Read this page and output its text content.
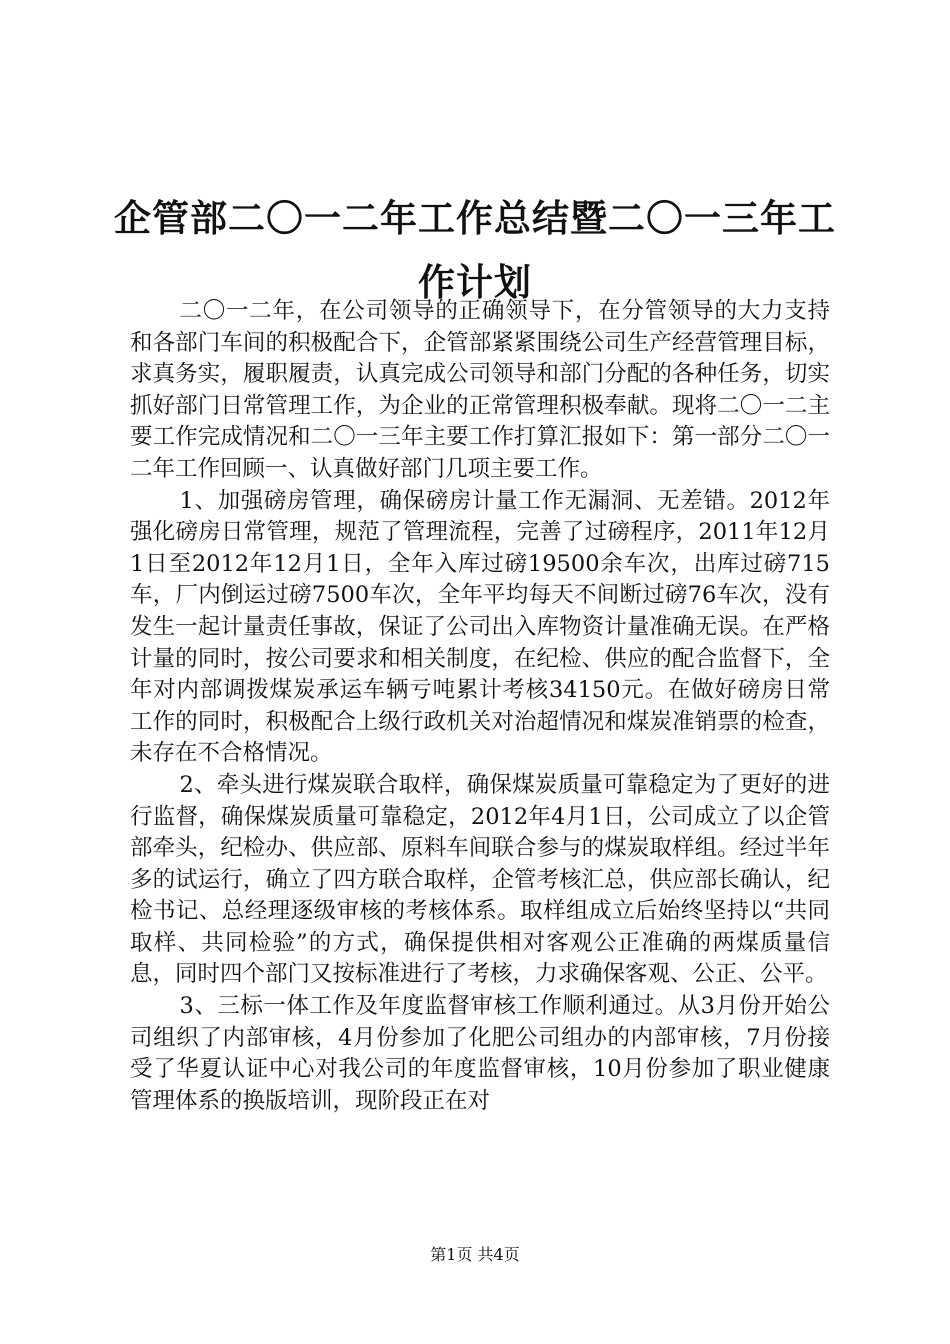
企管部二〇一二年工作总结暨二〇一三年工作计划

二〇一二年，在公司领导的正确领导下，在分管领导的大力支持和各部门车间的积极配合下，企管部紧紧围绕公司生产经营管理目标，求真务实，履职履责，认真完成公司领导和部门分配的各种任务，切实抓好部门日常管理工作，为企业的正常管理积极奉献。现将二〇一二主要工作完成情况和二〇一三年主要工作打算汇报如下：第一部分二〇一二年工作回顾一、认真做好部门几项主要工作。

1、加强磅房管理，确保磅房计量工作无漏洞、无差错。2012年强化磅房日常管理，规范了管理流程，完善了过磅程序，2011年12月1日至2012年12月1日，全年入库过磅19500余车次，出库过磅715车，厂内倒运过磅7500车次，全年平均每天不间断过磅76车次，没有发生一起计量责任事故，保证了公司出入库物资计量准确无误。在严格计量的同时，按公司要求和相关制度，在纪检、供应的配合监督下，全年对内部调拨煤炭承运车辆亏吨累计考核34150元。在做好磅房日常工作的同时，积极配合上级行政机关对治超情况和煤炭准销票的检查，未存在不合格情况。

2、牵头进行煤炭联合取样，确保煤炭质量可靠稳定为了更好的进行监督，确保煤炭质量可靠稳定，2012年4月1日，公司成立了以企管部牵头，纪检办、供应部、原料车间联合参与的煤炭取样组。经过半年多的试运行，确立了四方联合取样，企管考核汇总，供应部长确认，纪检书记、总经理逐级审核的考核体系。取样组成立后始终坚持以“共同取样、共同检验”的方式，确保提供相对客观公正准确的两煤质量信息，同时四个部门又按标准进行了考核，力求确保客观、公正、公平。

3、三标一体工作及年度监督审核工作顺利通过。从3月份开始公司组织了内部审核，4月份参加了化肥公司组办的内部审核，7月份接受了华夏认证中心对我公司的年度监督审核，10月份参加了职业健康管理体系的换版培训，现阶段正在对

第1页 共4页
